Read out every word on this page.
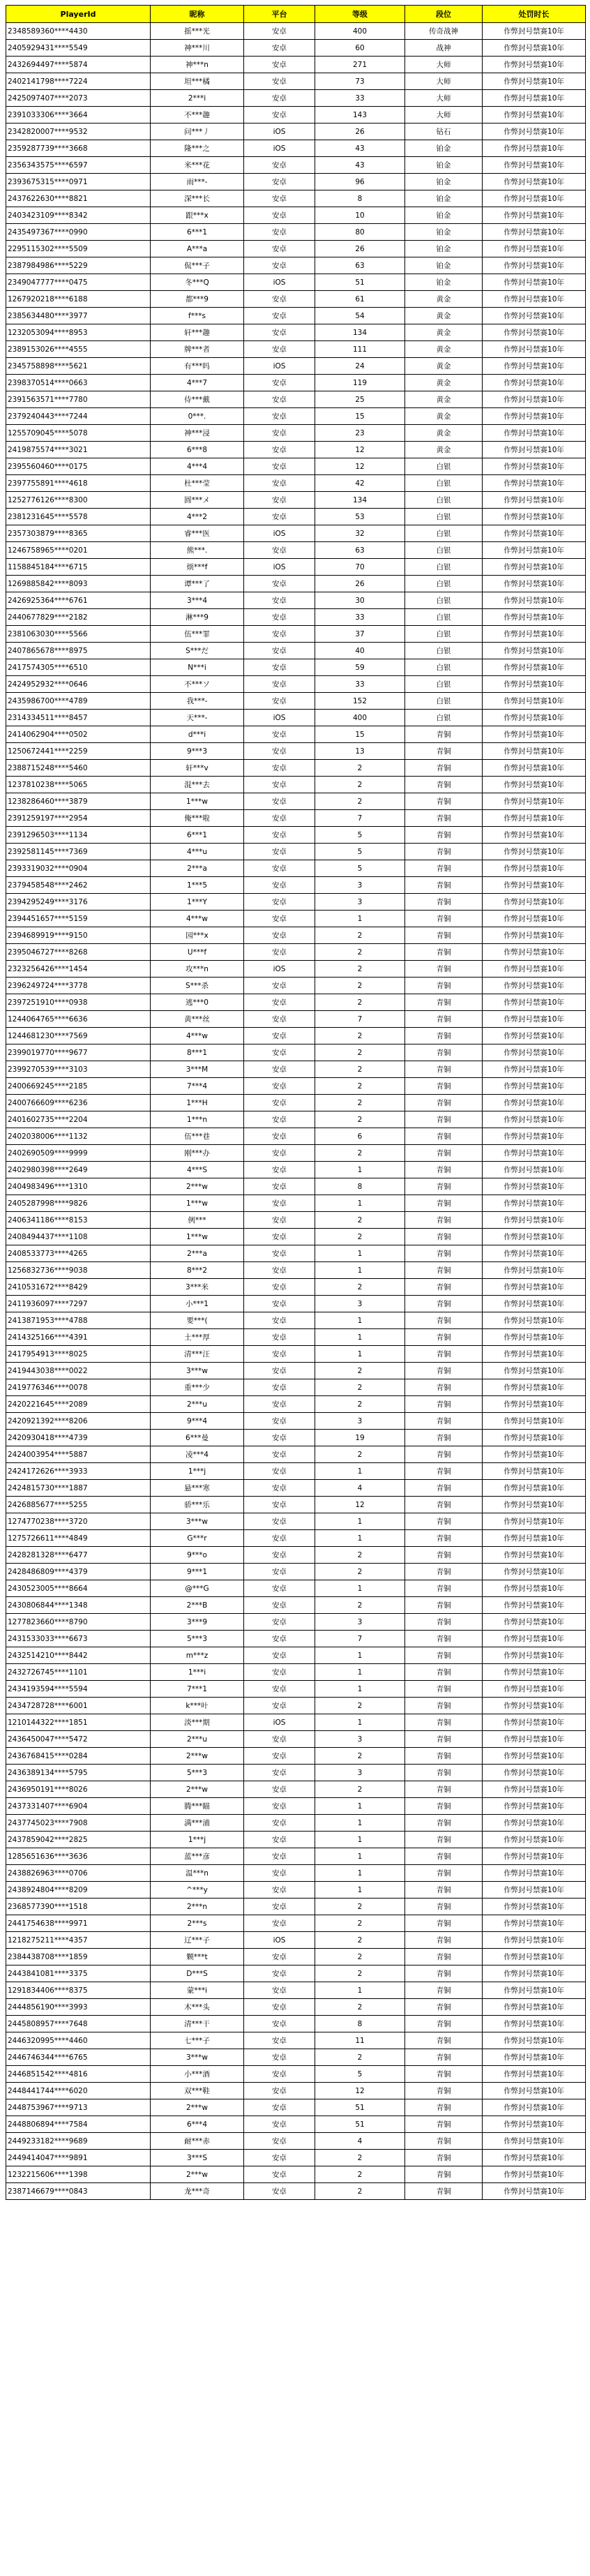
PlayerId	昵称	平台	等级	段位	处罚时长
2348589360****4430	摇***光	安卓	400	传奇战神	作弊封号禁赛10年
2405929431****5549	神***川	安卓	60	战神	作弊封号禁赛10年
2432694497****5874	神***n	安卓	271	大师	作弊封号禁赛10年
2402141798****7224	坦***橘	安卓	73	大师	作弊封号禁赛10年
2425097407****2073	2***i	安卓	33	大师	作弊封号禁赛10年
2391033306****3664	不***趣	安卓	143	大师	作弊封号禁赛10年
2342820007****9532	问***丿	iOS	26	钻石	作弊封号禁赛10年
2359287739****3668	隆***之	iOS	43	铂金	作弊封号禁赛10年
2356343575****6597	米***花	安卓	43	铂金	作弊封号禁赛10年
2393675315****0971	雨***-	安卓	96	铂金	作弊封号禁赛10年
2437622630****8821	深***长	安卓	8	铂金	作弊封号禁赛10年
2403423109****8342	跟***x	安卓	10	铂金	作弊封号禁赛10年
2435497367****0990	6***1	安卓	80	铂金	作弊封号禁赛10年
2295115302****5509	A***a	安卓	26	铂金	作弊封号禁赛10年
2387984986****5229	侃***子	安卓	63	铂金	作弊封号禁赛10年
2349047777****0475	冬***Q	iOS	51	铂金	作弊封号禁赛10年
1267920218****6188	都***9	安卓	61	黄金	作弊封号禁赛10年
2385634480****3977	f***s	安卓	54	黄金	作弊封号禁赛10年
1232053094****8953	轩***趣	安卓	134	黄金	作弊封号禁赛10年
2389153026****4555	牌***者	安卓	111	黄金	作弊封号禁赛10年
2345758898****5621	有***吗	iOS	24	黄金	作弊封号禁赛10年
2398370514****0663	4***7	安卓	119	黄金	作弊封号禁赛10年
2391563571****7780	侍***戴	安卓	25	黄金	作弊封号禁赛10年
2379240443****7244	0***.	安卓	15	黄金	作弊封号禁赛10年
1255709045****5078	神***浸	安卓	23	黄金	作弊封号禁赛10年
2419875574****3021	6***8	安卓	12	黄金	作弊封号禁赛10年
2395560460****0175	4***4	安卓	12	白银	作弊封号禁赛10年
2397755891****4618	杜***莹	安卓	42	白银	作弊封号禁赛10年
1252776126****8300	圆***メ	安卓	134	白银	作弊封号禁赛10年
2381231645****5578	4***2	安卓	53	白银	作弊封号禁赛10年
2357303879****8365	睿***医	iOS	32	白银	作弊封号禁赛10年
1246758965****0201	熊***.	安卓	63	白银	作弊封号禁赛10年
1158845184****6715	烦***f	iOS	70	白银	作弊封号禁赛10年
1269885842****8093	谭***了	安卓	26	白银	作弊封号禁赛10年
2426925364****6761	3***4	安卓	30	白银	作弊封号禁赛10年
2440677829****2182	淋***9	安卓	33	白银	作弊封号禁赛10年
2381063030****5566	伍***罪	安卓	37	白银	作弊封号禁赛10年
2407865678****8975	S***だ	安卓	40	白银	作弊封号禁赛10年
2417574305****6510	N***i	安卓	59	白银	作弊封号禁赛10年
2424952932****0646	不***ソ	安卓	33	白银	作弊封号禁赛10年
2435986700****4789	我***-	安卓	152	白银	作弊封号禁赛10年
2314334511****8457	天***-	iOS	400	白银	作弊封号禁赛10年
2414062904****0502	d***i	安卓	15	青铜	作弊封号禁赛10年
1250672441****2259	9***3	安卓	13	青铜	作弊封号禁赛10年
2388715248****5460	轩***v	安卓	2	青铜	作弊封号禁赛10年
1237810238****5065	混***去	安卓	2	青铜	作弊封号禁赛10年
1238286460****3879	1***w	安卓	2	青铜	作弊封号禁赛10年
2391259197****2954	俺***啦	安卓	7	青铜	作弊封号禁赛10年
2391296503****1134	6***1	安卓	5	青铜	作弊封号禁赛10年
2392581145****7369	4***u	安卓	5	青铜	作弊封号禁赛10年
2393319032****0904	2***a	安卓	5	青铜	作弊封号禁赛10年
2379458548****2462	1***5	安卓	3	青铜	作弊封号禁赛10年
2394295249****3176	1***Y	安卓	3	青铜	作弊封号禁赛10年
2394451657****5159	4***w	安卓	1	青铜	作弊封号禁赛10年
2394689919****9150	园***x	安卓	2	青铜	作弊封号禁赛10年
2395046727****8268	U***f	安卓	2	青铜	作弊封号禁赛10年
2323256426****1454	攻***n	iOS	2	青铜	作弊封号禁赛10年
2396249724****3778	S***杀	安卓	2	青铜	作弊封号禁赛10年
2397251910****0938	逃***0	安卓	2	青铜	作弊封号禁赛10年
1244064765****6636	黄***丝	安卓	7	青铜	作弊封号禁赛10年
1244681230****7569	4***w	安卓	2	青铜	作弊封号禁赛10年
2399019770****9677	8***1	安卓	2	青铜	作弊封号禁赛10年
2399270539****3103	3***M	安卓	2	青铜	作弊封号禁赛10年
2400669245****2185	7***4	安卓	2	青铜	作弊封号禁赛10年
2400766609****6236	1***H	安卓	2	青铜	作弊封号禁赛10年
2401602735****2204	1***n	安卓	2	青铜	作弊封号禁赛10年
2402038006****1132	伍***巷	安卓	6	青铜	作弊封号禁赛10年
2402690509****9999	刚***办	安卓	2	青铜	作弊封号禁赛10年
2402980398****2649	4***S	安卓	1	青铜	作弊封号禁赛10年
2404983496****1310	2***w	安卓	8	青铜	作弊封号禁赛10年
2405287998****9826	1***w	安卓	1	青铜	作弊封号禁赛10年
2406341186****8153	例***	安卓	2	青铜	作弊封号禁赛10年
2408494437****1108	1***w	安卓	2	青铜	作弊封号禁赛10年
2408533773****4265	2***a	安卓	1	青铜	作弊封号禁赛10年
1256832736****9038	8***2	安卓	1	青铜	作弊封号禁赛10年
2410531672****8429	3***米	安卓	2	青铜	作弊封号禁赛10年
2411936097****7297	小***1	安卓	3	青铜	作弊封号禁赛10年
2413871953****4788	要***(	安卓	1	青铜	作弊封号禁赛10年
2414325166****4391	土***厚	安卓	1	青铜	作弊封号禁赛10年
2417954913****8025	清***汪	安卓	1	青铜	作弊封号禁赛10年
2419443038****0022	3***w	安卓	2	青铜	作弊封号禁赛10年
2419776346****0078	重***少	安卓	2	青铜	作弊封号禁赛10年
2420221645****2089	2***u	安卓	2	青铜	作弊封号禁赛10年
2420921392****8206	9***4	安卓	3	青铜	作弊封号禁赛10年
2420930418****4739	6***曼	安卓	19	青铜	作弊封号禁赛10年
2424003954****5887	凌***4	安卓	2	青铜	作弊封号禁赛10年
2424172626****3933	1***j	安卓	1	青铜	作弊封号禁赛10年
2424815730****1887	悬***寒	安卓	4	青铜	作弊封号禁赛10年
2426885677****5255	骄***乐	安卓	12	青铜	作弊封号禁赛10年
1274770238****3720	3***w	安卓	1	青铜	作弊封号禁赛10年
1275726611****4849	G***r	安卓	1	青铜	作弊封号禁赛10年
2428281328****6477	9***o	安卓	2	青铜	作弊封号禁赛10年
2428486809****4379	9***1	安卓	2	青铜	作弊封号禁赛10年
2430523005****8664	@***G	安卓	1	青铜	作弊封号禁赛10年
2430806844****1348	2***B	安卓	2	青铜	作弊封号禁赛10年
1277823660****8790	3***9	安卓	3	青铜	作弊封号禁赛10年
2431533033****6673	5***3	安卓	7	青铜	作弊封号禁赛10年
2432514210****8442	m***z	安卓	1	青铜	作弊封号禁赛10年
2432726745****1101	1***i	安卓	1	青铜	作弊封号禁赛10年
2434193594****5594	7***1	安卓	1	青铜	作弊封号禁赛10年
2434728728****6001	k***叶	安卓	2	青铜	作弊封号禁赛10年
1210144322****1851	淡***期	iOS	1	青铜	作弊封号禁赛10年
2436450047****5472	2***u	安卓	3	青铜	作弊封号禁赛10年
2436768415****0284	2***w	安卓	2	青铜	作弊封号禁赛10年
2436389134****5795	5***3	安卓	3	青铜	作弊封号禁赛10年
2436950191****8026	2***w	安卓	2	青铜	作弊封号禁赛10年
2437331407****6904	腾***瞄	安卓	1	青铜	作弊封号禁赛10年
2437745023****7908	满***浦	安卓	1	青铜	作弊封号禁赛10年
2437859042****2825	1***j	安卓	1	青铜	作弊封号禁赛10年
1285651636****3636	蓝***彦	安卓	1	青铜	作弊封号禁赛10年
2438826963****0706	温***n	安卓	1	青铜	作弊封号禁赛10年
2438924804****8209	^***y	安卓	1	青铜	作弊封号禁赛10年
2368577390****1518	2***n	安卓	2	青铜	作弊封号禁赛10年
2441754638****9971	2***s	安卓	2	青铜	作弊封号禁赛10年
1218275211****4357	辽***子	iOS	2	青铜	作弊封号禁赛10年
2384438708****1859	颗***t	安卓	2	青铜	作弊封号禁赛10年
2443841081****3375	D***S	安卓	2	青铜	作弊封号禁赛10年
1291834406****8375	蒙***i	安卓	1	青铜	作弊封号禁赛10年
2444856190****3993	木***头	安卓	2	青铜	作弊封号禁赛10年
2445808957****7648	清***干	安卓	8	青铜	作弊封号禁赛10年
2446320995****4460	七***子	安卓	11	青铜	作弊封号禁赛10年
2446746344****6765	3***w	安卓	2	青铜	作弊封号禁赛10年
2446851542****4816	小***酒	安卓	5	青铜	作弊封号禁赛10年
2448441744****6020	双***鞋	安卓	12	青铜	作弊封号禁赛10年
2448753967****9713	2***w	安卓	51	青铜	作弊封号禁赛10年
2448806894****7584	6***4	安卓	51	青铜	作弊封号禁赛10年
2449233182****9689	耐***赤	安卓	4	青铜	作弊封号禁赛10年
2449414047****9891	3***S	安卓	2	青铜	作弊封号禁赛10年
1232215606****1398	2***w	安卓	2	青铜	作弊封号禁赛10年
2387146679****0843	龙***奇	安卓	2	青铜	作弊封号禁赛10年
